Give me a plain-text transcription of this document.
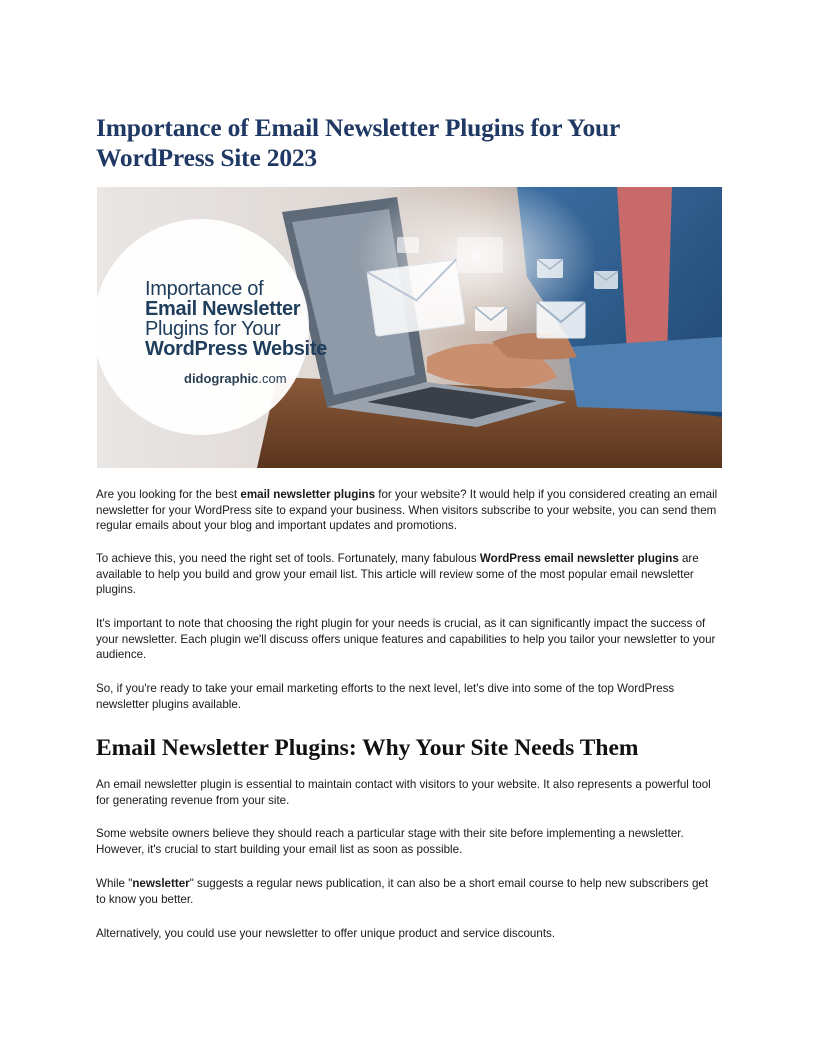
Importance of Email Newsletter Plugins for Your WordPress Site 2023
Importance of
Email Newsletter
Plugins for Your
WordPress Website
didographic.com

Are you looking for the best email newsletter plugins for your website? It would help if you considered creating an email newsletter for your WordPress site to expand your business. When visitors subscribe to your website, you can send them regular emails about your blog and important updates and promotions.

To achieve this, you need the right set of tools. Fortunately, many fabulous WordPress email newsletter plugins are available to help you build and grow your email list. This article will review some of the most popular email newsletter plugins.

It's important to note that choosing the right plugin for your needs is crucial, as it can significantly impact the success of your newsletter. Each plugin we'll discuss offers unique features and capabilities to help you tailor your newsletter to your audience.

So, if you're ready to take your email marketing efforts to the next level, let's dive into some of the top WordPress newsletter plugins available.

Email Newsletter Plugins: Why Your Site Needs Them

An email newsletter plugin is essential to maintain contact with visitors to your website. It also represents a powerful tool for generating revenue from your site.

Some website owners believe they should reach a particular stage with their site before implementing a newsletter. However, it's crucial to start building your email list as soon as possible.

While "newsletter" suggests a regular news publication, it can also be a short email course to help new subscribers get to know you better.

Alternatively, you could use your newsletter to offer unique product and service discounts.
